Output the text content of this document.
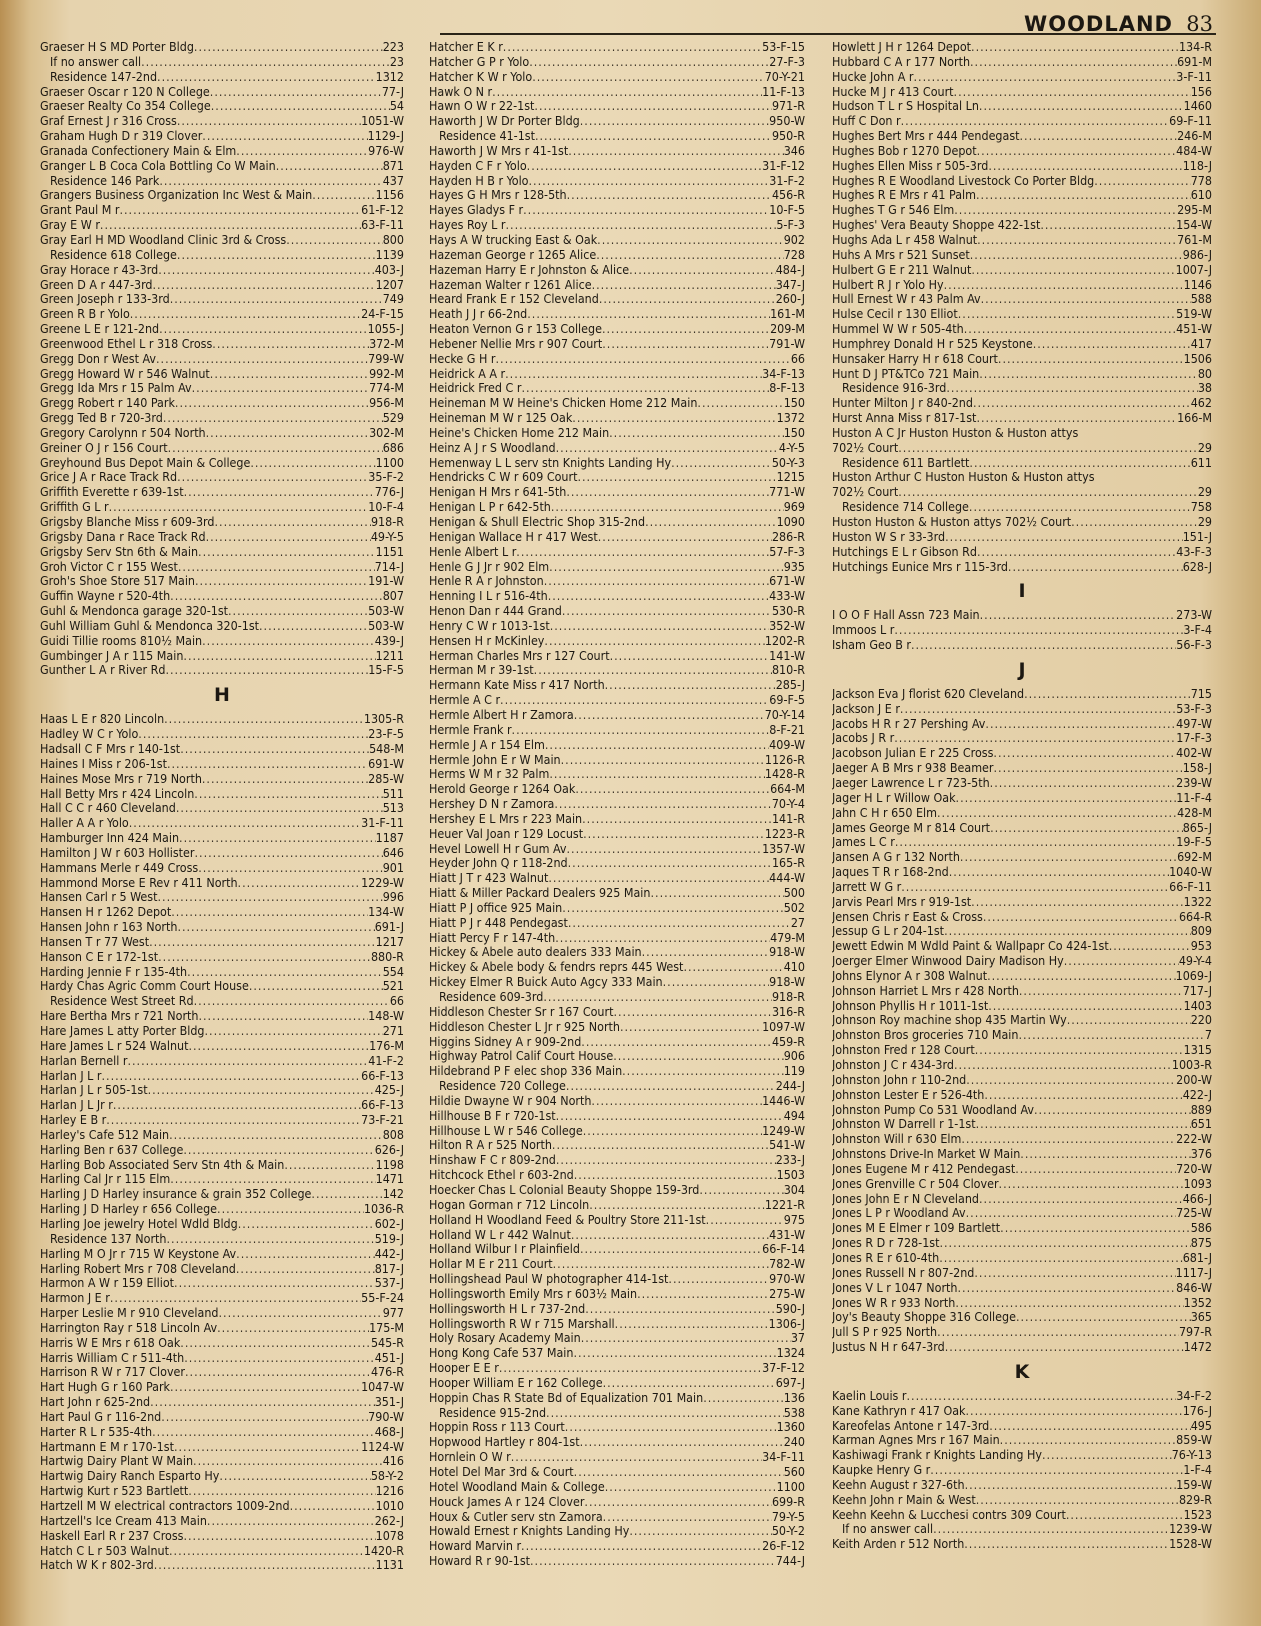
WOODLAND 83
Graeser H S MD Porter Bldg .....	223
If no answer call .....	23
Residence 147-2nd .....	1312
Graeser Oscar r 120 N College .....	77-J
Graeser Realty Co 354 College .....	54
Graf Ernest J r 316 Cross .....	1051-W
Graham Hugh D r 319 Clover .....	1129-J
Granada Confectionery Main & Elm .....	976-W
Granger L B Coca Cola Bottling Co W Main .....	871
Residence 146 Park .....	437
Grangers Business Organization Inc West & Main .....	1156
Grant Paul M r .....	61-F-12
Gray E W r .....	63-F-11
Gray Earl H MD Woodland Clinic 3rd & Cross .....	800
Residence 618 College .....	1139
Gray Horace r 43-3rd .....	403-J
Green D A r 447-3rd .....	1207
Green Joseph r 133-3rd .....	749
Green R B r Yolo .....	24-F-15
Greene L E r 121-2nd .....	1055-J
Greenwood Ethel L r 318 Cross .....	372-M
Gregg Don r West Av .....	799-W
Gregg Howard W r 546 Walnut .....	992-M
Gregg Ida Mrs r 15 Palm Av .....	774-M
Gregg Robert r 140 Park .....	956-M
Gregg Ted B r 720-3rd .....	529
Gregory Carolynn r 504 North .....	302-M
Greiner O J r 156 Court .....	686
Greyhound Bus Depot Main & College .....	1100
Grice J A r Race Track Rd .....	35-F-2
Griffith Everette r 639-1st .....	776-J
Griffith G L r .....	10-F-4
Grigsby Blanche Miss r 609-3rd .....	918-R
Grigsby Dana r Race Track Rd .....	49-Y-5
Grigsby Serv Stn 6th & Main .....	1151
Groh Victor C r 155 West .....	714-J
Groh's Shoe Store 517 Main .....	191-W
Guffin Wayne r 520-4th .....	807
Guhl & Mendonca garage 320-1st .....	503-W
Guhl William Guhl & Mendonca 320-1st .....	503-W
Guidi Tillie rooms 810½ Main .....	439-J
Gumbinger J A r 115 Main .....	1211
Gunther L A r River Rd .....	15-F-5
H
Haas L E r 820 Lincoln .....	1305-R
Hadley W C r Yolo .....	23-F-5
Hadsall C F Mrs r 140-1st .....	548-M
Haines I Miss r 206-1st .....	691-W
Haines Mose Mrs r 719 North .....	285-W
Hall Betty Mrs r 424 Lincoln .....	511
Hall C C r 460 Cleveland .....	513
Haller A A r Yolo .....	31-F-11
Hamburger Inn 424 Main .....	1187
Hamilton J W r 603 Hollister .....	646
Hammans Merle r 449 Cross .....	901
Hammond Morse E Rev r 411 North .....	1229-W
Hansen Carl r 5 West .....	996
Hansen H r 1262 Depot .....	134-W
Hansen John r 163 North .....	691-J
Hansen T r 77 West .....	1217
Hanson C E r 172-1st .....	880-R
Harding Jennie F r 135-4th .....	554
Hardy Chas Agric Comm Court House .....	521
Residence West Street Rd .....	66
Hare Bertha Mrs r 721 North .....	148-W
Hare James L atty Porter Bldg .....	271
Hare James L r 524 Walnut .....	176-M
Harlan Bernell r .....	41-F-2
Harlan J L r .....	66-F-13
Harlan J L r 505-1st .....	425-J
Harlan J L Jr r .....	66-F-13
Harley E B r .....	73-F-21
Harley's Cafe 512 Main .....	808
Harling Ben r 637 College .....	626-J
Harling Bob Associated Serv Stn 4th & Main .....	1198
Harling Cal Jr r 115 Elm .....	1471
Harling J D Harley insurance & grain 352 College .....	142
Harling J D Harley r 656 College .....	1036-R
Harling Joe jewelry Hotel Wdld Bldg .....	602-J
Residence 137 North .....	519-J
Harling M O Jr r 715 W Keystone Av .....	442-J
Harling Robert Mrs r 708 Cleveland .....	817-J
Harmon A W r 159 Elliot .....	537-J
Harmon J E r .....	55-F-24
Harper Leslie M r 910 Cleveland .....	977
Harrington Ray r 518 Lincoln Av .....	175-M
Harris W E Mrs r 618 Oak .....	545-R
Harris William C r 511-4th .....	451-J
Harrison R W r 717 Clover .....	476-R
Hart Hugh G r 160 Park .....	1047-W
Hart John r 625-2nd .....	351-J
Hart Paul G r 116-2nd .....	790-W
Harter R L r 535-4th .....	468-J
Hartmann E M r 170-1st .....	1124-W
Hartwig Dairy Plant W Main .....	416
Hartwig Dairy Ranch Esparto Hy .....	58-Y-2
Hartwig Kurt r 523 Bartlett .....	1216
Hartzell M W electrical contractors 1009-2nd .....	1010
Hartzell's Ice Cream 413 Main .....	262-J
Haskell Earl R r 237 Cross .....	1078
Hatch C L r 503 Walnut .....	1420-R
Hatch W K r 802-3rd .....	1131
Hatcher E K r .....	53-F-15
Hatcher G P r Yolo .....	27-F-3
Hatcher K W r Yolo .....	70-Y-21
Hawk O N r .....	11-F-13
Hawn O W r 22-1st .....	971-R
Haworth J W Dr Porter Bldg .....	950-W
Residence 41-1st .....	950-R
Haworth J W Mrs r 41-1st .....	346
Hayden C F r Yolo .....	31-F-12
Hayden H B r Yolo .....	31-F-2
Hayes G H Mrs r 128-5th .....	456-R
Hayes Gladys F r .....	10-F-5
Hayes Roy L r .....	5-F-3
Hays A W trucking East & Oak .....	902
Hazeman George r 1265 Alice .....	728
Hazeman Harry E r Johnston & Alice .....	484-J
Hazeman Walter r 1261 Alice .....	347-J
Heard Frank E r 152 Cleveland .....	260-J
Heath J J r 66-2nd .....	161-M
Heaton Vernon G r 153 College .....	209-M
Hebener Nellie Mrs r 907 Court .....	791-W
Hecke G H r .....	66
Heidrick A A r .....	34-F-13
Heidrick Fred C r .....	8-F-13
Heineman M W Heine's Chicken Home 212 Main .....	150
Heineman M W r 125 Oak .....	1372
Heine's Chicken Home 212 Main .....	150
Heinz A J r S Woodland .....	4-Y-5
Hemenway L L serv stn Knights Landing Hy .....	50-Y-3
Hendricks C W r 609 Court .....	1215
Henigan H Mrs r 641-5th .....	771-W
Henigan L P r 642-5th .....	969
Henigan & Shull Electric Shop 315-2nd .....	1090
Henigan Wallace H r 417 West .....	286-R
Henle Albert L r .....	57-F-3
Henle G J Jr r 902 Elm .....	935
Henle R A r Johnston .....	671-W
Henning I L r 516-4th .....	433-W
Henon Dan r 444 Grand .....	530-R
Henry C W r 1013-1st .....	352-W
Hensen H r McKinley .....	1202-R
Herman Charles Mrs r 127 Court .....	141-W
Herman M r 39-1st .....	810-R
Hermann Kate Miss r 417 North .....	285-J
Hermle A C r .....	69-F-5
Hermle Albert H r Zamora .....	70-Y-14
Hermle Frank r .....	8-F-21
Hermle J A r 154 Elm .....	409-W
Hermle John E r W Main .....	1126-R
Herms W M r 32 Palm .....	1428-R
Herold George r 1264 Oak .....	664-M
Hershey D N r Zamora .....	70-Y-4
Hershey E L Mrs r 223 Main .....	141-R
Heuer Val Joan r 129 Locust .....	1223-R
Hevel Lowell H r Gum Av .....	1357-W
Heyder John Q r 118-2nd .....	165-R
Hiatt J T r 423 Walnut .....	444-W
Hiatt & Miller Packard Dealers 925 Main .....	500
Hiatt P J office 925 Main .....	502
Hiatt P J r 448 Pendegast .....	27
Hiatt Percy F r 147-4th .....	479-M
Hickey & Abele auto dealers 333 Main .....	918-W
Hickey & Abele body & fendrs reprs 445 West .....	410
Hickey Elmer R Buick Auto Agcy 333 Main .....	918-W
Residence 609-3rd .....	918-R
Hiddleson Chester Sr r 167 Court .....	316-R
Hiddleson Chester L Jr r 925 North .....	1097-W
Higgins Sidney A r 909-2nd .....	459-R
Highway Patrol Calif Court House .....	906
Hildebrand P F elec shop 336 Main .....	119
Residence 720 College .....	244-J
Hildie Dwayne W r 904 North .....	1446-W
Hillhouse B F r 720-1st .....	494
Hillhouse L W r 546 College .....	1249-W
Hilton R A r 525 North .....	541-W
Hinshaw F C r 809-2nd .....	233-J
Hitchcock Ethel r 603-2nd .....	1503
Hoecker Chas L Colonial Beauty Shoppe 159-3rd .....	304
Hogan Gorman r 712 Lincoln .....	1221-R
Holland H Woodland Feed & Poultry Store 211-1st .....	975
Holland W L r 442 Walnut .....	431-W
Holland Wilbur I r Plainfield .....	66-F-14
Hollar M E r 211 Court .....	782-W
Hollingshead Paul W photographer 414-1st .....	970-W
Hollingsworth Emily Mrs r 603½ Main .....	275-W
Hollingsworth H L r 737-2nd .....	590-J
Hollingsworth R W r 715 Marshall .....	1306-J
Holy Rosary Academy Main .....	37
Hong Kong Cafe 537 Main .....	1324
Hooper E E r .....	37-F-12
Hooper William E r 162 College .....	697-J
Hoppin Chas R State Bd of Equalization 701 Main .....	136
Residence 915-2nd .....	538
Hoppin Ross r 113 Court .....	1360
Hopwood Hartley r 804-1st .....	240
Hornlein O W r .....	34-F-11
Hotel Del Mar 3rd & Court .....	560
Hotel Woodland Main & College .....	1100
Houck James A r 124 Clover .....	699-R
Houx & Cutler serv stn Zamora .....	79-Y-5
Howald Ernest r Knights Landing Hy .....	50-Y-2
Howard Marvin r .....	26-F-12
Howard R r 90-1st .....	744-J
Howlett J H r 1264 Depot .....	134-R
Hubbard C A r 177 North .....	691-M
Hucke John A r .....	3-F-11
Hucke M J r 413 Court .....	156
Hudson T L r S Hospital Ln .....	1460
Huff C Don r .....	69-F-11
Hughes Bert Mrs r 444 Pendegast .....	246-M
Hughes Bob r 1270 Depot .....	484-W
Hughes Ellen Miss r 505-3rd .....	118-J
Hughes R E Woodland Livestock Co Porter Bldg .....	778
Hughes R E Mrs r 41 Palm .....	610
Hughes T G r 546 Elm .....	295-M
Hughes' Vera Beauty Shoppe 422-1st .....	154-W
Hughs Ada L r 458 Walnut .....	761-M
Huhs A Mrs r 521 Sunset .....	986-J
Hulbert G E r 211 Walnut .....	1007-J
Hulbert R J r Yolo Hy .....	1146
Hull Ernest W r 43 Palm Av .....	588
Hulse Cecil r 130 Elliot .....	519-W
Hummel W W r 505-4th .....	451-W
Humphrey Donald H r 525 Keystone .....	417
Hunsaker Harry H r 618 Court .....	1506
Hunt D J PT&TCo 721 Main .....	80
Residence 916-3rd .....	38
Hunter Milton J r 840-2nd .....	462
Hurst Anna Miss r 817-1st .....	166-M
Huston A C Jr Huston Huston & Huston attys
702½ Court .....	29
Residence 611 Bartlett .....	611
Huston Arthur C Huston Huston & Huston attys
702½ Court .....	29
Residence 714 College .....	758
Huston Huston & Huston attys 702½ Court .....	29
Huston W S r 33-3rd .....	151-J
Hutchings E L r Gibson Rd .....	43-F-3
Hutchings Eunice Mrs r 115-3rd .....	628-J
I
I O O F Hall Assn 723 Main .....	273-W
Immoos L r .....	3-F-4
Isham Geo B r .....	56-F-3
J
Jackson Eva J florist 620 Cleveland .....	715
Jackson J E r .....	53-F-3
Jacobs H R r 27 Pershing Av .....	497-W
Jacobs J R r .....	17-F-3
Jacobson Julian E r 225 Cross .....	402-W
Jaeger A B Mrs r 938 Beamer .....	158-J
Jaeger Lawrence L r 723-5th .....	239-W
Jager H L r Willow Oak .....	11-F-4
Jahn C H r 650 Elm .....	428-M
James George M r 814 Court .....	865-J
James L C r .....	19-F-5
Jansen A G r 132 North .....	692-M
Jaques T R r 168-2nd .....	1040-W
Jarrett W G r .....	66-F-11
Jarvis Pearl Mrs r 919-1st .....	1322
Jensen Chris r East & Cross .....	664-R
Jessup G L r 204-1st .....	809
Jewett Edwin M Wdld Paint & Wallpapr Co 424-1st .....	953
Joerger Elmer Winwood Dairy Madison Hy .....	49-Y-4
Johns Elynor A r 308 Walnut .....	1069-J
Johnson Harriet L Mrs r 428 North .....	717-J
Johnson Phyllis H r 1011-1st .....	1403
Johnson Roy machine shop 435 Martin Wy .....	220
Johnston Bros groceries 710 Main .....	7
Johnston Fred r 128 Court .....	1315
Johnston J C r 434-3rd .....	1003-R
Johnston John r 110-2nd .....	200-W
Johnston Lester E r 526-4th .....	422-J
Johnston Pump Co 531 Woodland Av .....	889
Johnston W Darrell r 1-1st .....	651
Johnston Will r 630 Elm .....	222-W
Johnstons Drive-In Market W Main .....	376
Jones Eugene M r 412 Pendegast .....	720-W
Jones Grenville C r 504 Clover .....	1093
Jones John E r N Cleveland .....	466-J
Jones L P r Woodland Av .....	725-W
Jones M E Elmer r 109 Bartlett .....	586
Jones R D r 728-1st .....	875
Jones R E r 610-4th .....	681-J
Jones Russell N r 807-2nd .....	1117-J
Jones V L r 1047 North .....	846-W
Jones W R r 933 North .....	1352
Joy's Beauty Shoppe 316 College .....	365
Jull S P r 925 North .....	797-R
Justus N H r 647-3rd .....	1472
K
Kaelin Louis r .....	34-F-2
Kane Kathryn r 417 Oak .....	176-J
Kareofelas Antone r 147-3rd .....	495
Karman Agnes Mrs r 167 Main .....	859-W
Kashiwagi Frank r Knights Landing Hy .....	76-Y-13
Kaupke Henry G r .....	1-F-4
Keehn August r 327-6th .....	159-W
Keehn John r Main & West .....	829-R
Keehn Keehn & Lucchesi contrs 309 Court .....	1523
If no answer call .....	1239-W
Keith Arden r 512 North .....	1528-W
